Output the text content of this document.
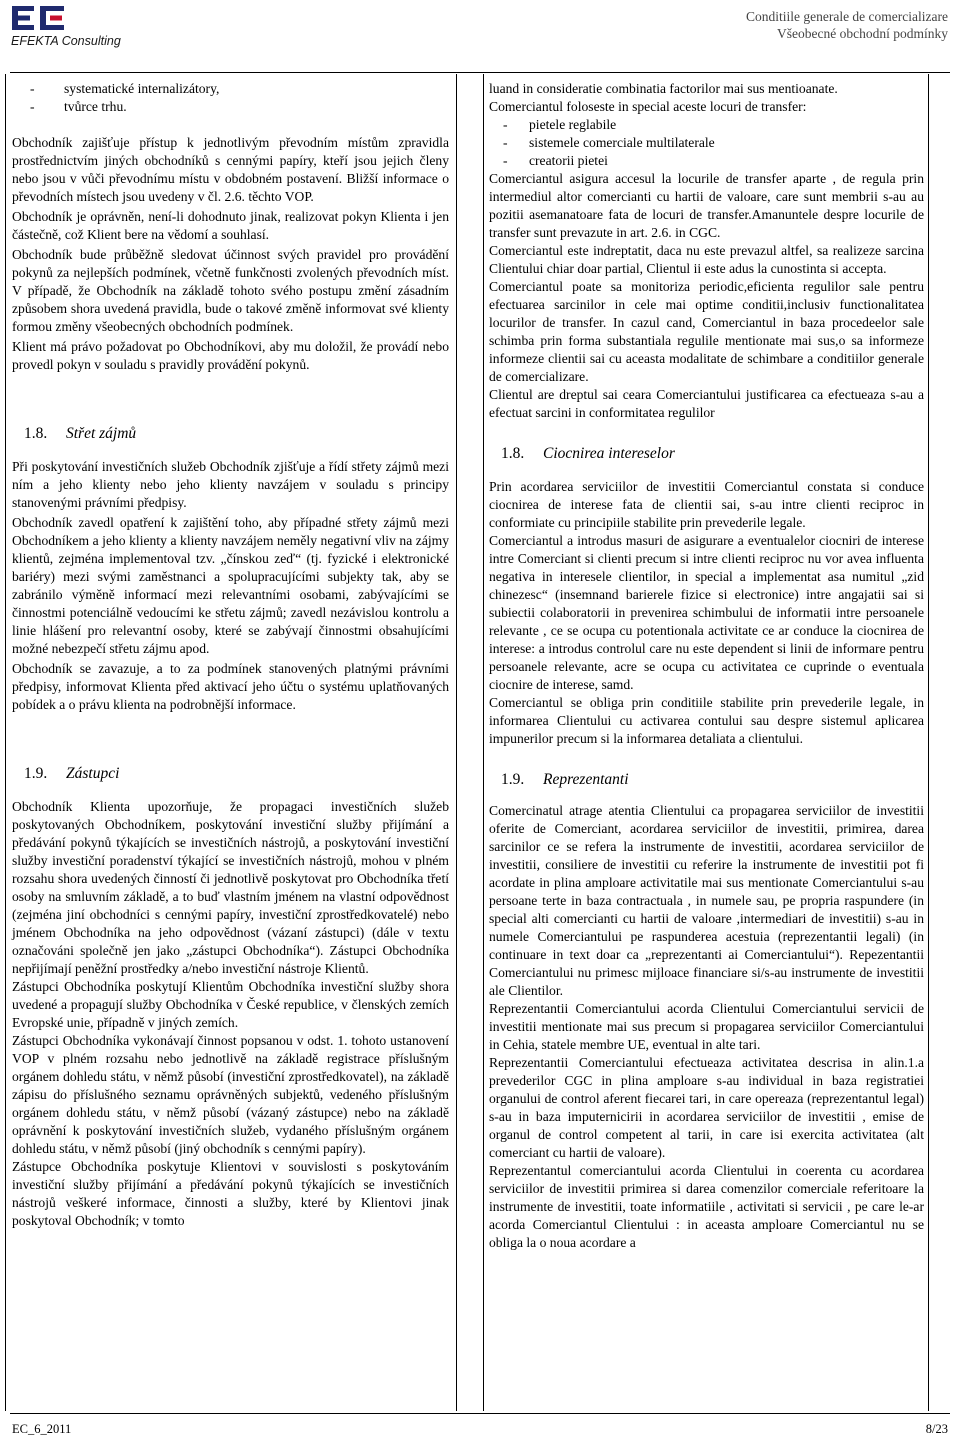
EFEKTA Consulting
Conditiile generale de comercializare
Všeobecné obchodní podmínky
-	systematické internalizátory,
-	tvůrce trhu.

Obchodník zajišťuje přístup k jednotlivým převodním místům zpravidla prostřednictvím jiných obchodníků s cennými papíry, kteří jsou jejich členy nebo jsou v vůči převodnímu místu v obdobném postavení. Bližší informace o převodních místech jsou uvedeny v čl. 2.6. těchto VOP.

Obchodník je oprávněn, není-li dohodnuto jinak, realizovat pokyn Klienta i jen částečně, což Klient bere na vědomí a souhlasí.

Obchodník bude průběžně sledovat účinnost svých pravidel pro provádění pokynů za nejlepších podmínek, včetně funkčnosti zvolených převodních míst. V případě, že Obchodník na základě tohoto svého postupu změní zásadním způsobem shora uvedená pravidla, bude o takové změně informovat své klienty formou změny všeobecných obchodních podmínek.

Klient má právo požadovat po Obchodníkovi, aby mu doložil, že provádí nebo provedl pokyn v souladu s pravidly provádění pokynů.

1.8. Střet zájmů

Při poskytování investičních služeb Obchodník zjišťuje a řídí střety zájmů mezi ním a jeho klienty nebo jeho klienty navzájem v souladu s principy stanovenými právními předpisy.

Obchodník zavedl opatření k zajištění toho, aby případné střety zájmů mezi Obchodníkem a jeho klienty a klienty navzájem neměly negativní vliv na zájmy klientů, zejména implementoval tzv. „čínskou zeď“ (tj. fyzické i elektronické bariéry) mezi svými zaměstnanci a spolupracujícími subjekty tak, aby se zabránilo výměně informací mezi relevantními osobami, zabývajícími se činnostmi potenciálně vedoucími ke střetu zájmů; zavedl nezávislou kontrolu a linie hlášení pro relevantní osoby, které se zabývají činnostmi obsahujícími možné nebezpečí střetu zájmu apod.

Obchodník se zavazuje, a to za podmínek stanovených platnými právními předpisy, informovat Klienta před aktivací jeho účtu o systému uplatňovaných pobídek a o právu klienta na podrobnější informace.

1.9. Zástupci

Obchodník Klienta upozorňuje, že propagaci investičních služeb poskytovaných Obchodníkem, poskytování investiční služby přijímání a předávání pokynů týkajících se investičních nástrojů, a poskytování investiční služby investiční poradenství týkající se investičních nástrojů, mohou v plném rozsahu shora uvedených činností či jednotlivě poskytovat pro Obchodníka třetí osoby na smluvním základě, a to buď vlastním jménem na vlastní odpovědnost (zejména jiní obchodníci s cennými papíry, investiční zprostředkovatelé) nebo jménem Obchodníka na jeho odpovědnost (vázaní zástupci) (dále v textu označováni společně jen jako „zástupci Obchodníka“). Zástupci Obchodníka nepřijímají peněžní prostředky a/nebo investiční nástroje Klientů.

Zástupci Obchodníka poskytují Klientům Obchodníka investiční služby shora uvedené a propagují služby Obchodníka v České republice, v členských zemích Evropské unie, případně v jiných zemích.

Zástupci Obchodníka vykonávají činnost popsanou v odst. 1. tohoto ustanovení VOP v plném rozsahu nebo jednotlivě na základě registrace příslušným orgánem dohledu státu, v němž působí (investiční zprostředkovatel), na základě zápisu do příslušného seznamu oprávněných subjektů, vedeného příslušným orgánem dohledu státu, v němž působí (vázaný zástupce) nebo na základě oprávnění k poskytování investičních služeb, vydaného příslušným orgánem dohledu státu, v němž působí (jiný obchodník s cennými papíry).

Zástupce Obchodníka poskytuje Klientovi v souvislosti s poskytováním investiční služby přijímání a předávání pokynů týkajících se investičních nástrojů veškeré informace, činnosti a služby, které by Klientovi jinak poskytoval Obchodník; v tomto

luand in consideratie combinatia factorilor mai sus mentioanate.

Comerciantul foloseste in special aceste locuri de transfer:

-	pietele reglabile
-	sistemele comerciale multilaterale
-	creatorii pietei

Comerciantul asigura accesul la locurile de transfer aparte , de regula prin intermediul altor comercianti cu hartii de valoare, care sunt membrii s-au au pozitii asemanatoare fata de locuri de transfer.Amanuntele despre locurile de transfer sunt prevazute in art. 2.6. in CGC.

Comerciantul este indreptatit, daca nu este prevazul altfel, sa realizeze sarcina Clientului chiar doar partial, Clientul ii este adus la cunostinta si accepta.

Comerciantul poate sa monitoriza periodic,eficienta regulilor sale pentru efectuarea sarcinilor in cele mai optime conditii,inclusiv functionalitatea locurilor de transfer. In cazul cand, Comerciantul in baza procedeelor sale schimba prin forma substantiala regulile mentionate mai sus,o sa informeze informeze clientii sai cu aceasta modalitate de schimbare a conditiilor generale de comercializare.

Clientul are dreptul sai ceara Comerciantului justificarea ca efectueaza s-au a efectuat sarcini in conformitatea regulilor

1.8. Ciocnirea intereselor

Prin acordarea serviciilor de investitii Comerciantul constata si conduce ciocnirea de interese fata de clientii sai, s-au intre clienti reciproc in conformiate cu principiile stabilite prin prevederile legale.

Comerciantul a introdus masuri de asigurare a eventualelor ciocniri de interese intre Comerciant si clienti precum si intre clienti reciproc nu vor avea influenta negativa in interesele clientilor, in special a implementat asa numitul „zid chinezesc“ (insemnand barierele fizice si electronice) intre angajatii sai si subiectii colaboratorii in prevenirea schimbului de informatii intre persoanele relevante , ce se ocupa cu potentionala activitate ce ar conduce la ciocnirea de interese: a introdus controlul care nu este dependent si linii de informare pentru persoanele relevante, acre se ocupa cu activitatea ce cuprinde o eventuala ciocnire de interese, samd.

Comerciantul se obliga prin conditiile stabilite prin prevederile legale, in informarea Clientului cu activarea contului sau despre sistemul aplicarea impunerilor precum si la informarea detaliata a clientului.

1.9. Reprezentanti

Comercinatul atrage atentia Clientului ca propagarea serviciilor de investitii oferite de Comerciant, acordarea serviciilor de investitii, primirea, darea sarcinilor ce se refera la instrumente de investitii, acordarea serviciilor de investitii, consiliere de investitii cu referire la instrumente de investitii pot fi acordate in plina amploare activitatile mai sus mentionate Comerciantului s-au persoane terte in baza contractuala , in numele sau, pe propria raspundere (in special alti comercianti cu hartii de valoare ,intermediari de investitii) s-au in numele Comerciantului pe raspunderea acestuia (reprezentantii legali) (in continuare in text doar ca „reprezentanti ai Comerciantului“). Repezentantii Comerciantului nu primesc mijloace financiare si/s-au instrumente de investitii ale Clientilor.

Reprezentantii Comerciantului acorda Clientului Comerciantului servicii de investitii mentionate mai sus precum si propagarea serviciilor Comerciantului in Cehia, statele membre UE, eventual in alte tari.

Reprezentantii Comerciantului efectueaza activitatea descrisa in alin.1.a prevederilor CGC in plina amploare s-au individual in baza registratiei organului de control aferent fiecarei tari, in care opereaza (reprezentantul legal) s-au in baza imputernicirii in acordarea serviciilor de investitii , emise de organul de control competent al tarii, in care isi exercita activitatea (alt comerciant cu hartii de valoare).

Reprezentantul comerciantului acorda Clientului in coerenta cu acordarea serviciilor de investitii primirea si darea comenzilor comerciale referitoare la instrumente de investitii, toate informatiile , activitati si servicii , pe care le-ar acorda Comerciantul Clientului : in aceasta amploare Comerciantul nu se obliga la o noua acordare a

EC_6_2011	8/23
